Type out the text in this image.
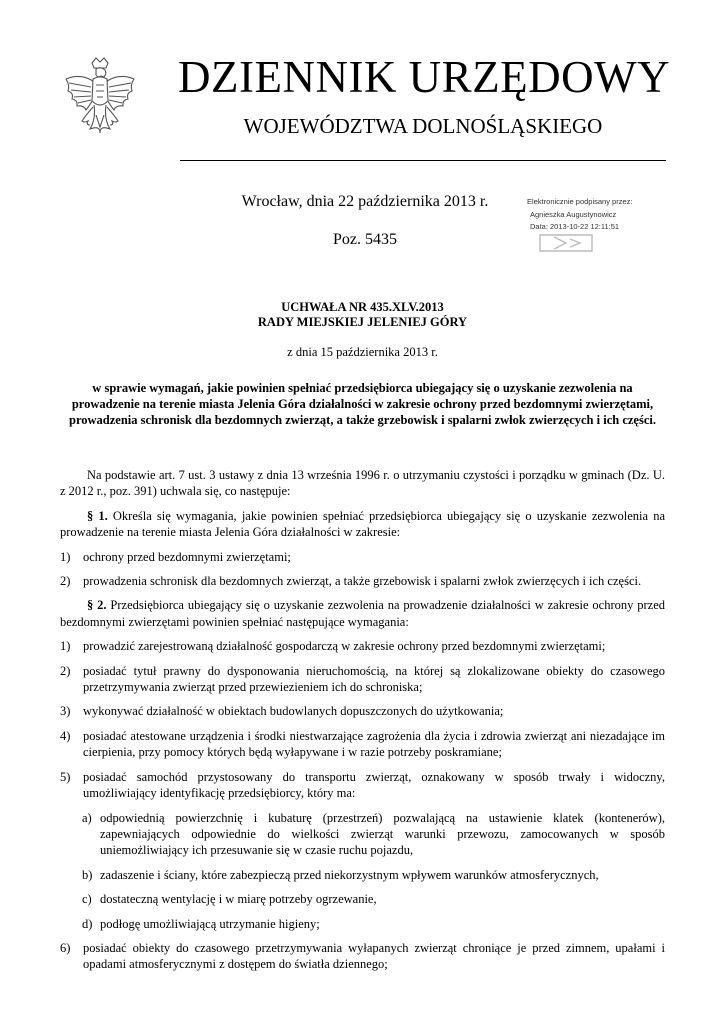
DZIENNIK URZĘDOWY
WOJEWÓDZTWA DOLNOŚLĄSKIEGO
Wrocław, dnia 22 października 2013 r.
Poz. 5435
Elektronicznie podpisany przez:
Agnieszka Augustynowicz
Data: 2013-10-22 12:11:51
UCHWAŁA NR 435.XLV.2013
RADY MIEJSKIEJ JELENIEJ GÓRY
z dnia 15 października 2013 r.
w sprawie wymagań, jakie powinien spełniać przedsiębiorca ubiegający się o uzyskanie zezwolenia na prowadzenie na terenie miasta Jelenia Góra działalności w zakresie ochrony przed bezdomnymi zwierzętami, prowadzenia schronisk dla bezdomnych zwierząt, a także grzebowisk i spalarni zwłok zwierzęcych i ich części.

Na podstawie art. 7 ust. 3 ustawy z dnia 13 września 1996 r. o utrzymaniu czystości i porządku w gminach (Dz. U. z 2012 r., poz. 391) uchwala się, co następuje:

§ 1. Określa się wymagania, jakie powinien spełniać przedsiębiorca ubiegający się o uzyskanie zezwolenia na prowadzenie na terenie miasta Jelenia Góra działalności w zakresie:

1) ochrony przed bezdomnymi zwierzętami;

2) prowadzenia schronisk dla bezdomnych zwierząt, a także grzebowisk i spalarni zwłok zwierzęcych i ich części.

§ 2. Przedsiębiorca ubiegający się o uzyskanie zezwolenia na prowadzenie działalności w zakresie ochrony przed bezdomnymi zwierzętami powinien spełniać następujące wymagania:

1) prowadzić zarejestrowaną działalność gospodarczą w zakresie ochrony przed bezdomnymi zwierzętami;

2) posiadać tytuł prawny do dysponowania nieruchomością, na której są zlokalizowane obiekty do czasowego przetrzymywania zwierząt przed przewiezieniem ich do schroniska;

3) wykonywać działalność w obiektach budowlanych dopuszczonych do użytkowania;

4) posiadać atestowane urządzenia i środki niestwarzające zagrożenia dla życia i zdrowia zwierząt ani niezadające im cierpienia, przy pomocy których będą wyłapywane i w razie potrzeby poskramiane;

5) posiadać samochód przystosowany do transportu zwierząt, oznakowany w sposób trwały i widoczny, umożliwiający identyfikację przedsiębiorcy, który ma:

a) odpowiednią powierzchnię i kubaturę (przestrzeń) pozwalającą na ustawienie klatek (kontenerów), zapewniających odpowiednie do wielkości zwierząt warunki przewozu, zamocowanych w sposób uniemożliwiający ich przesuwanie się w czasie ruchu pojazdu,

b) zadaszenie i ściany, które zabezpieczą przed niekorzystnym wpływem warunków atmosferycznych,

c) dostateczną wentylację i w miarę potrzeby ogrzewanie,

d) podłogę umożliwiającą utrzymanie higieny;

6) posiadać obiekty do czasowego przetrzymywania wyłapanych zwierząt chroniące je przed zimnem, upałami i opadami atmosferycznymi z dostępem do światła dziennego;
